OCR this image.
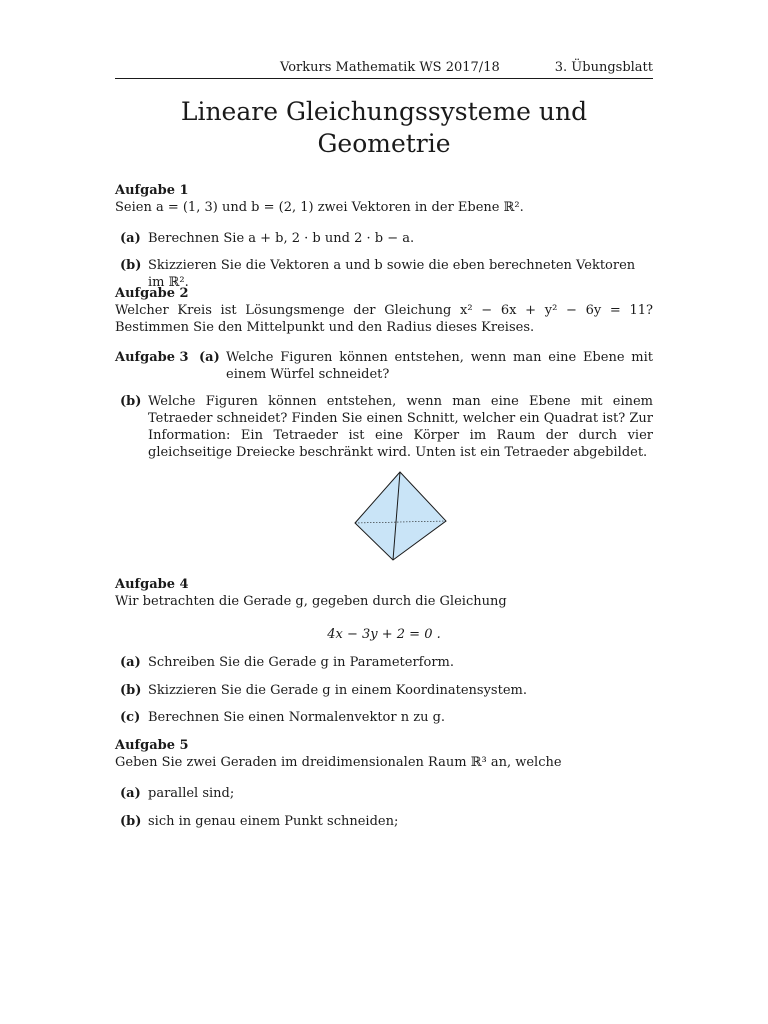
Vorkurs Mathematik WS 2017/18	3. Übungsblatt
Lineare Gleichungssysteme und
Geometrie

Aufgabe 1

Seien a = (1, 3) und b = (2, 1) zwei Vektoren in der Ebene ℝ².

(a) Berechnen Sie a + b, 2 · b und 2 · b − a.
(b) Skizzieren Sie die Vektoren a und b sowie die eben berechneten Vektoren im ℝ².

Aufgabe 2

Welcher Kreis ist Lösungsmenge der Gleichung x² − 6x + y² − 6y = 11? Bestimmen Sie den Mittelpunkt und den Radius dieses Kreises.

Aufgabe 3 (a) Welche Figuren können entstehen, wenn man eine Ebene mit einem Würfel schneidet?
(b) Welche Figuren können entstehen, wenn man eine Ebene mit einem Tetraeder schneidet? Finden Sie einen Schnitt, welcher ein Quadrat ist? Zur Information: Ein Tetraeder ist eine Körper im Raum der durch vier gleichseitige Dreiecke beschränkt wird. Unten ist ein Tetraeder abgebildet.

Aufgabe 4

Wir betrachten die Gerade g, gegeben durch die Gleichung

4x − 3y + 2 = 0 .
(a) Schreiben Sie die Gerade g in Parameterform.
(b) Skizzieren Sie die Gerade g in einem Koordinatensystem.
(c) Berechnen Sie einen Normalenvektor n zu g.

Aufgabe 5

Geben Sie zwei Geraden im dreidimensionalen Raum ℝ³ an, welche

(a) parallel sind;
(b) sich in genau einem Punkt schneiden;
